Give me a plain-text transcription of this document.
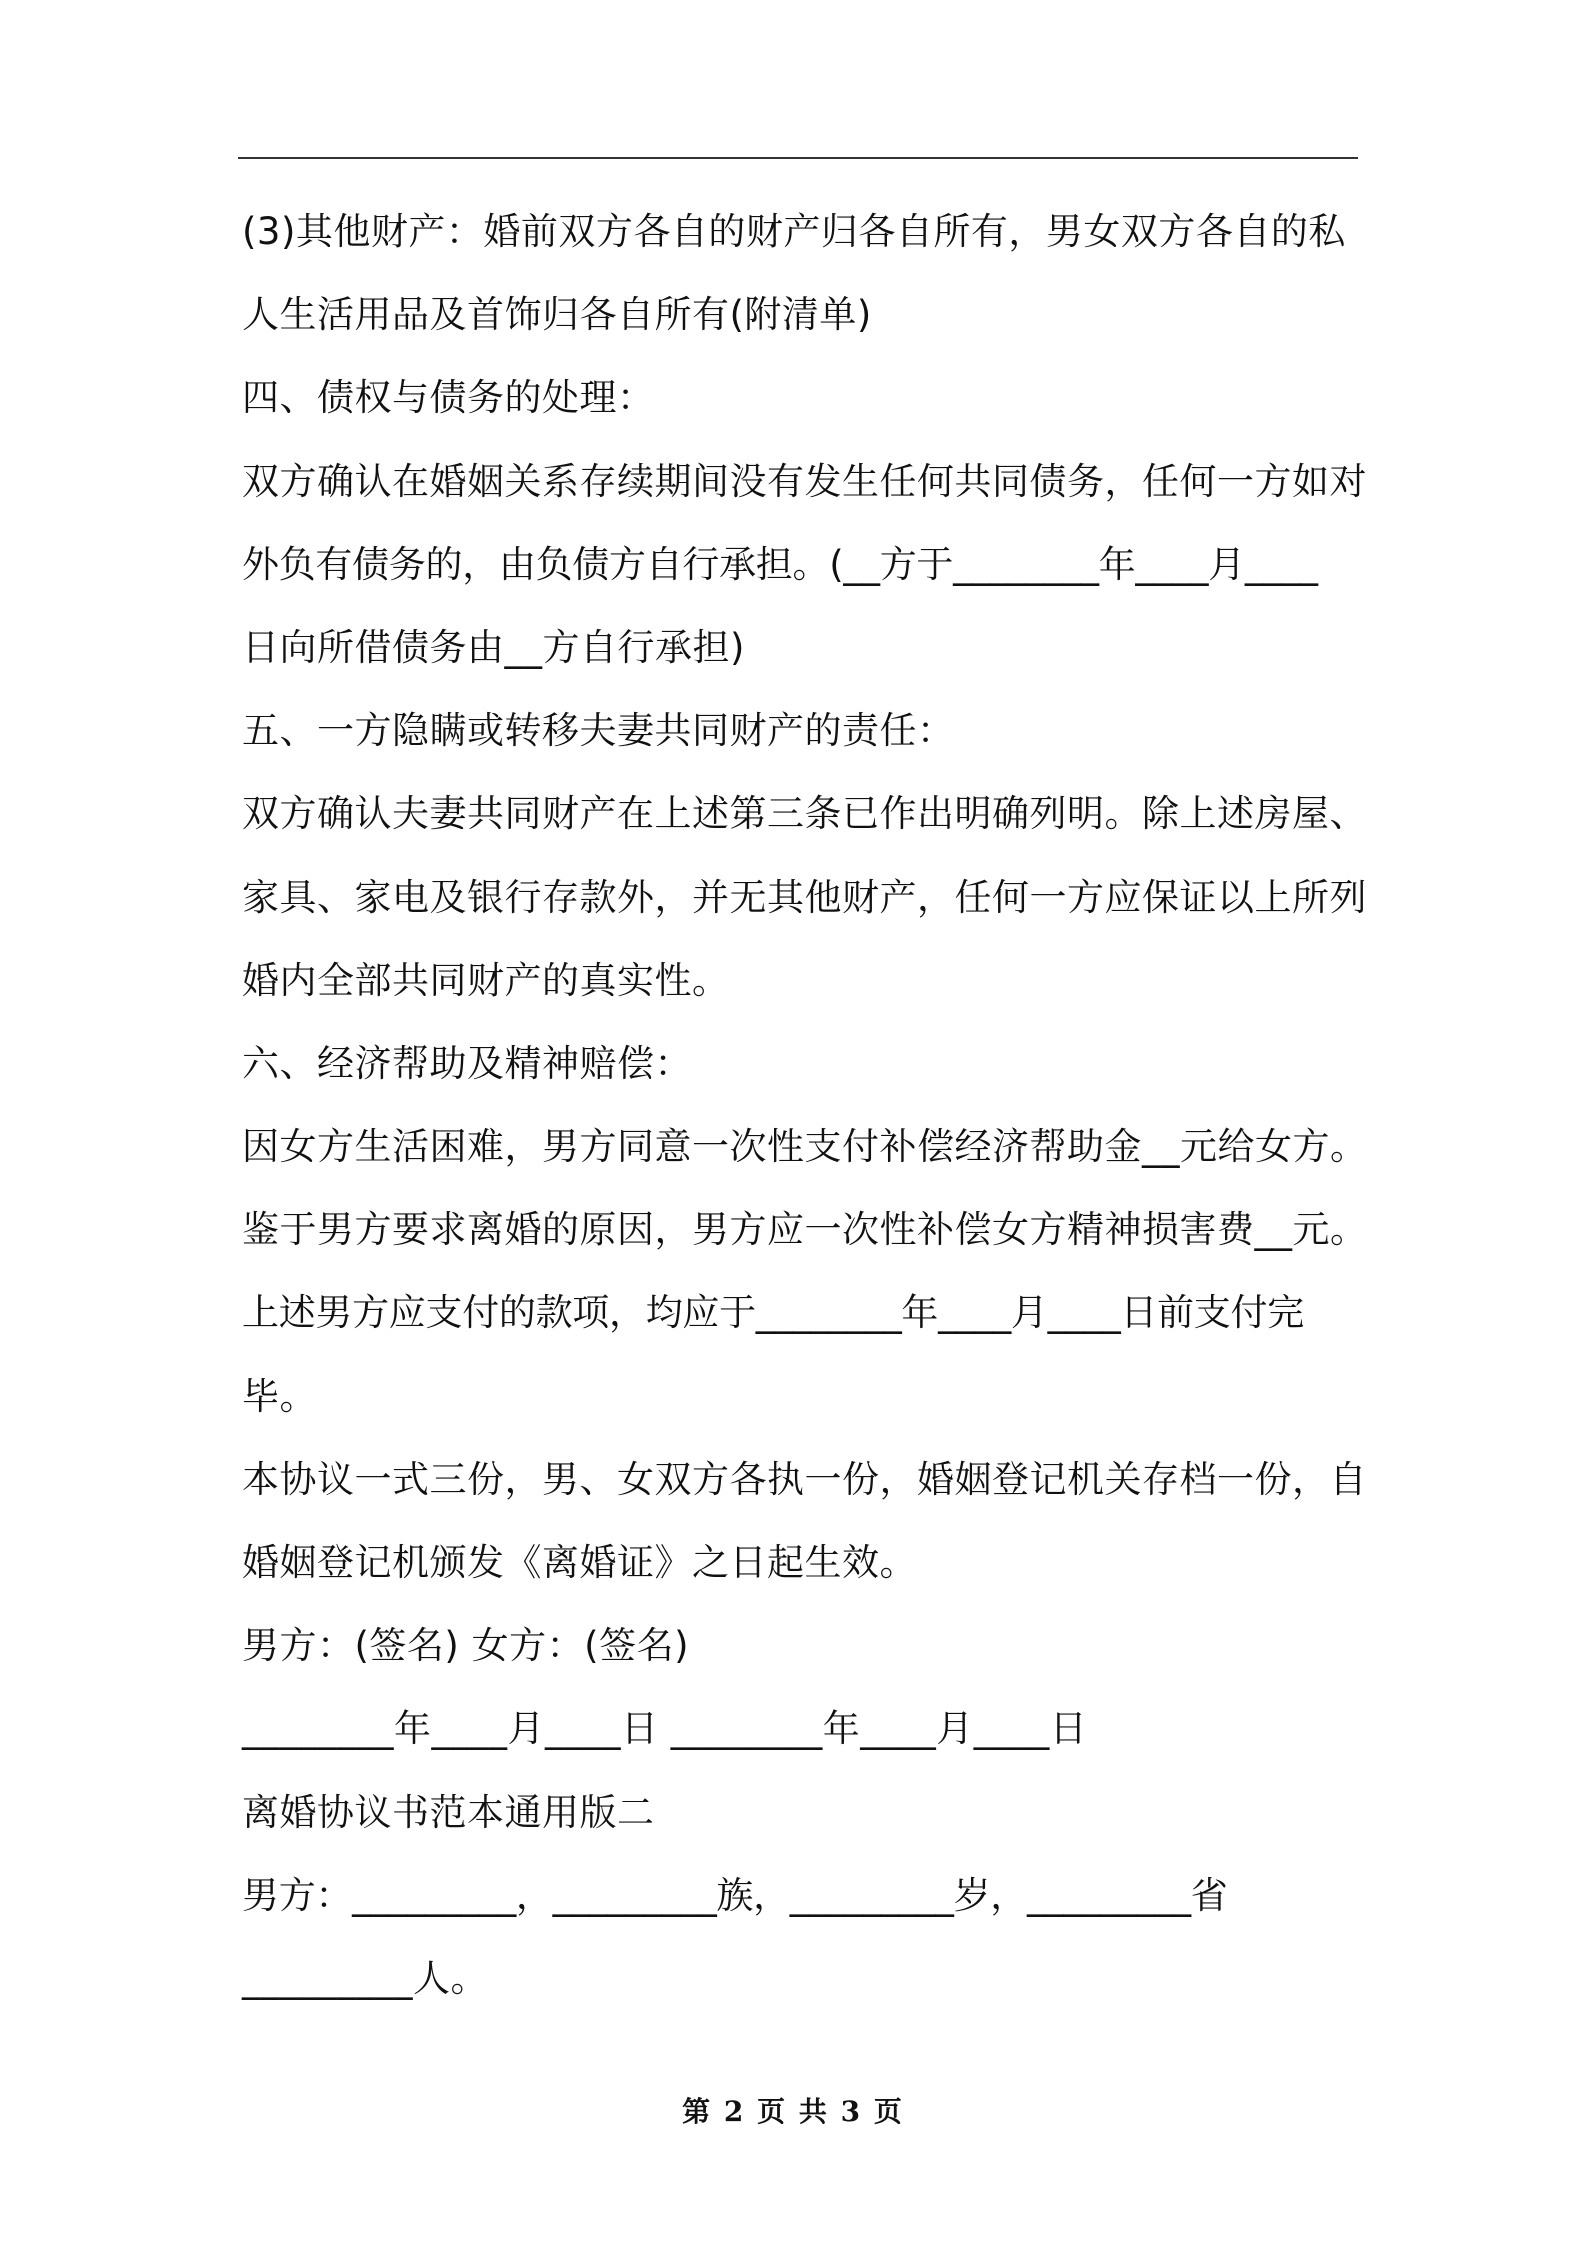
(3)其他财产：婚前双方各自的财产归各自所有，男女双方各自的私
人生活用品及首饰归各自所有(附清单)
四、债权与债务的处理：
双方确认在婚姻关系存续期间没有发生任何共同债务，任何一方如对
外负有债务的，由负债方自行承担。(__方于________年____月____
日向所借债务由__方自行承担)
五、一方隐瞒或转移夫妻共同财产的责任：
双方确认夫妻共同财产在上述第三条已作出明确列明。除上述房屋、
家具、家电及银行存款外，并无其他财产，任何一方应保证以上所列
婚内全部共同财产的真实性。
六、经济帮助及精神赔偿：
因女方生活困难，男方同意一次性支付补偿经济帮助金__元给女方。
鉴于男方要求离婚的原因，男方应一次性补偿女方精神损害费__元。
上述男方应支付的款项，均应于________年____月____日前支付完
毕。
本协议一式三份，男、女双方各执一份，婚姻登记机关存档一份，自
婚姻登记机颁发《离婚证》之日起生效。
男方：(签名) 女方：(签名)
________年____月____日 ________年____月____日
离婚协议书范本通用版二
男方：_________，_________族，_________岁，_________省
_________人。
第 2 页 共 3 页
